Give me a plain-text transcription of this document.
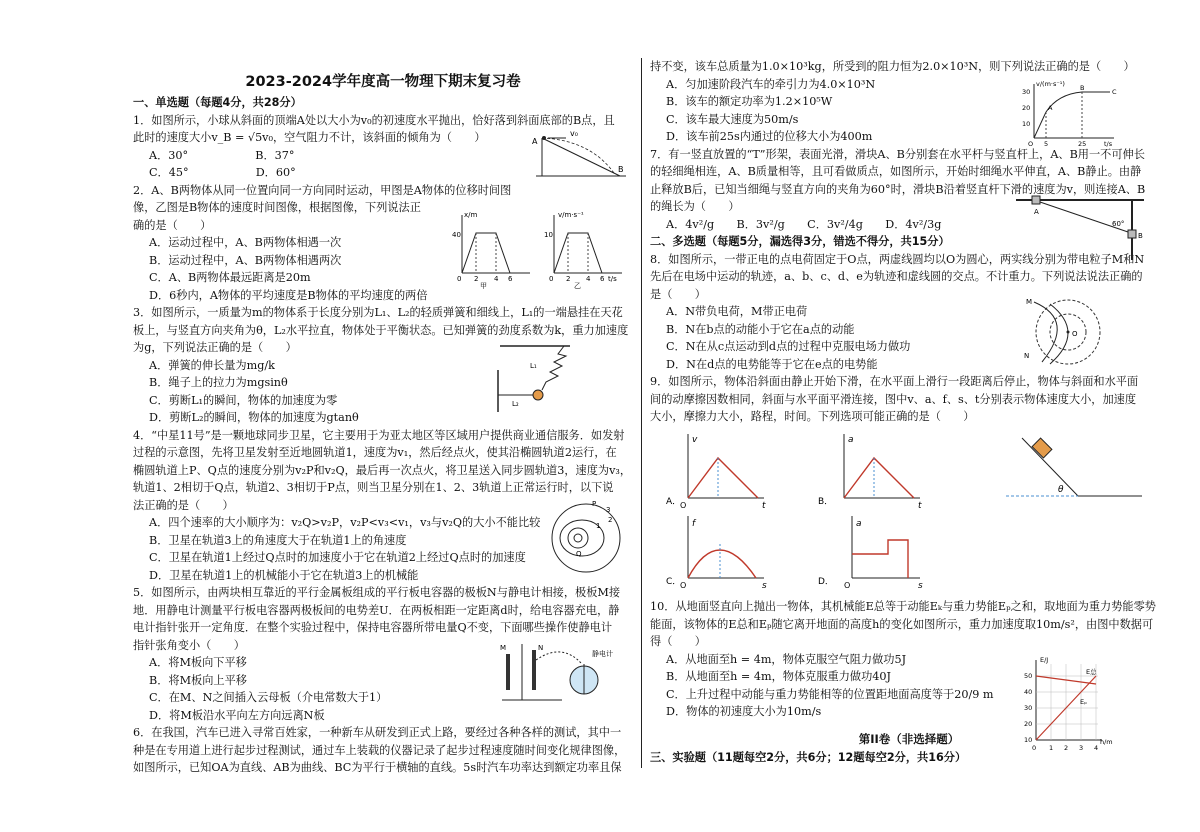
2023-2024学年度高一物理下期末复习卷
一、单选题（每题4分，共28分）
1．如图所示，小球从斜面的顶端A处以大小为v₀的初速度水平抛出，恰好落到斜面底部的B点，且
此时的速度大小v_B = √5v₀，空气阻力不计，该斜面的倾角为（　　）
A．30°　　　　　　B．37°
C．45°　　　　　　D．60°
2．A、B两物体从同一位置向同一方向同时运动，甲图是A物体的位移时间图
像，乙图是B物体的速度时间图像，根据图像，下列说法正
确的是（　　）
A．运动过程中，A、B两物体相遇一次
B．运动过程中，A、B两物体相遇两次
C．A、B两物体最远距离是20m
D．6秒内，A物体的平均速度是B物体的平均速度的两倍
3．如图所示，一质量为m的物体系于长度分别为L₁、L₂的轻质弹簧和细线上，L₁的一端悬挂在天花
板上，与竖直方向夹角为θ，L₂水平拉直，物体处于平衡状态。已知弹簧的劲度系数为k，重力加速度
为g，下列说法正确的是（　　）
A．弹簧的伸长量为mg/k
B．绳子上的拉力为mgsinθ
C．剪断L₁的瞬间，物体的加速度为零
D．剪断L₂的瞬间，物体的加速度为gtanθ
4．“中星11号”是一颗地球同步卫星，它主要用于为亚太地区等区域用户提供商业通信服务．如发射
过程的示意图，先将卫星发射至近地圆轨道1，速度为v₁，然后经点火，使其沿椭圆轨道2运行，在
椭圆轨道上P、Q点的速度分别为v₂P和v₂Q，最后再一次点火，将卫星送入同步圆轨道3，速度为v₃，
轨道1、2相切于Q点，轨道2、3相切于P点，则当卫星分别在1、2、3轨道上正常运行时，以下说
法正确的是（　　）
A．四个速率的大小顺序为：v₂Q>v₂P，v₂P<v₃<v₁，v₃与v₂Q的大小不能比较
B．卫星在轨道3上的角速度大于在轨道1上的角速度
C．卫星在轨道1上经过Q点时的加速度小于它在轨道2上经过Q点时的加速度
D．卫星在轨道1上的机械能小于它在轨道3上的机械能
5．如图所示，由两块相互靠近的平行金属板组成的平行板电容器的极板N与静电计相接，极板M接
地．用静电计测量平行板电容器两极板间的电势差U．在两板相距一定距离d时，给电容器充电，静
电计指针张开一定角度．在整个实验过程中，保持电容器所带电量Q不变，下面哪些操作使静电计
指针张角变小（　　）
A．将M板向下平移
B．将M板向上平移
C．在M、N之间插入云母板（介电常数大于1）
D．将M板沿水平向左方向远离N板
6．在我国，汽车已进入寻常百姓家，一种新车从研发到正式上路，要经过各种各样的测试，其中一
种是在专用道上进行起步过程测试，通过车上装载的仪器记录了起步过程速度随时间变化规律图像，
如图所示，已知OA为直线、AB为曲线、BC为平行于横轴的直线。5s时汽车功率达到额定功率且保
持不变，该车总质量为1.0×10³kg，所受到的阻力恒为2.0×10³N，则下列说法正确的是（　　）
A．匀加速阶段汽车的牵引力为4.0×10³N
B．该车的额定功率为1.2×10⁵W
C．该车最大速度为50m/s
D．该车前25s内通过的位移大小为400m
7．有一竖直放置的“T”形架，表面光滑，滑块A、B分别套在水平杆与竖直杆上，A、B用一不可伸长
的轻细绳相连，A、B质量相等，且可看做质点，如图所示，开始时细绳水平伸直，A、B静止。由静
止释放B后，已知当细绳与竖直方向的夹角为60°时，滑块B沿着竖直杆下滑的速度为v，则连接A、B
的绳长为（　　）
A．4v²/g　　B．3v²/g　　C．3v²/4g　　D．4v²/3g
二、多选题（每题5分，漏选得3分，错选不得分，共15分）
8．如图所示，一带正电的点电荷固定于O点，两虚线圆均以O为圆心，两实线分别为带电粒子M和N
先后在电场中运动的轨迹，a、b、c、d、e为轨迹和虚线圆的交点。不计重力。下列说法说法正确的
是（　　）
A．N带负电荷，M带正电荷
B．N在b点的动能小于它在a点的动能
C．N在从c点运动到d点的过程中克服电场力做功
D．N在d点的电势能等于它在e点的电势能
9．如图所示，物体沿斜面由静止开始下滑，在水平面上滑行一段距离后停止，物体与斜面和水平面
间的动摩擦因数相同，斜面与水平面平滑连接，图中v、a、f、s、t分别表示物体速度大小，加速度
大小，摩擦力大小，路程，时间。下列选项可能正确的是（　　）
10．从地面竖直向上抛出一物体，其机械能E总等于动能Eₖ与重力势能Eₚ之和，取地面为重力势能零势
能面，该物体的E总和Eₚ随它离开地面的高度h的变化如图所示，重力加速度取10m/s²，由图中数据可
得（　　）
A．从地面至h = 4m，物体克服空气阻力做功5J
B．从地面至h = 4m，物体克服重力做功40J
C．上升过程中动能与重力势能相等的位置距地面高度等于20/9 m
D．物体的初速度大小为10m/s
第II卷（非选择题）
三、实验题（11题每空2分，共6分；12题每空2分，共16分）
A
B
v₀
x/m
40
0 2 4 6
甲
v/m·s⁻¹
10
0 2 4 6 t/s
乙
L₁
L₂
P
Q
3
2
1
M	N
静电计
v/(m·s⁻¹)
30
20
10
O 5	25	t/s
A
B	C
A
B
60°
M
N
O
A．
v
O	t	B．
a
t
θ
C．
f
O	s	D．
a
O	s
E/J
50
40
30
20
10
0 1 2 3 4
h/m
E总
Eₚ
